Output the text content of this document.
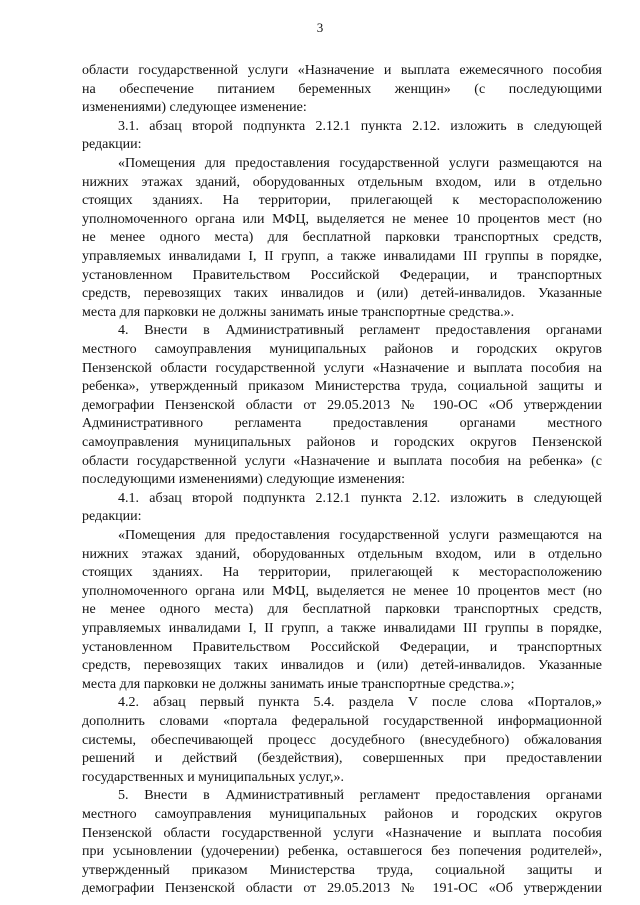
3
области государственной услуги «Назначение и выплата ежемесячного пособия
на обеспечение питанием беременных женщин» (с последующими
изменениями) следующее изменение:
3.1. абзац второй подпункта 2.12.1 пункта 2.12. изложить в следующей
редакции:
«Помещения для предоставления государственной услуги размещаются на
нижних этажах зданий, оборудованных отдельным входом, или в отдельно
стоящих зданиях. На территории, прилегающей к месторасположению
уполномоченного органа или МФЦ, выделяется не менее 10 процентов мест (но
не менее одного места) для бесплатной парковки транспортных средств,
управляемых инвалидами I, II групп, а также инвалидами III группы в порядке,
установленном Правительством Российской Федерации, и транспортных
средств, перевозящих таких инвалидов и (или) детей-инвалидов. Указанные
места для парковки не должны занимать иные транспортные средства.».
4. Внести в Административный регламент предоставления органами
местного самоуправления муниципальных районов и городских округов
Пензенской области государственной услуги «Назначение и выплата пособия на
ребенка», утвержденный приказом Министерства труда, социальной защиты и
демографии Пензенской области от 29.05.2013 № 190-ОС «Об утверждении
Административного регламента предоставления органами местного
самоуправления муниципальных районов и городских округов Пензенской
области государственной услуги «Назначение и выплата пособия на ребенка» (с
последующими изменениями) следующие изменения:
4.1. абзац второй подпункта 2.12.1 пункта 2.12. изложить в следующей
редакции:
«Помещения для предоставления государственной услуги размещаются на
нижних этажах зданий, оборудованных отдельным входом, или в отдельно
стоящих зданиях. На территории, прилегающей к месторасположению
уполномоченного органа или МФЦ, выделяется не менее 10 процентов мест (но
не менее одного места) для бесплатной парковки транспортных средств,
управляемых инвалидами I, II групп, а также инвалидами III группы в порядке,
установленном Правительством Российской Федерации, и транспортных
средств, перевозящих таких инвалидов и (или) детей-инвалидов. Указанные
места для парковки не должны занимать иные транспортные средства.»;
4.2. абзац первый пункта 5.4. раздела V после слова «Порталов,»
дополнить словами «портала федеральной государственной информационной
системы, обеспечивающей процесс досудебного (внесудебного) обжалования
решений и действий (бездействия), совершенных при предоставлении
государственных и муниципальных услуг,».
5. Внести в Административный регламент предоставления органами
местного самоуправления муниципальных районов и городских округов
Пензенской области государственной услуги «Назначение и выплата пособия
при усыновлении (удочерении) ребенка, оставшегося без попечения родителей»,
утвержденный приказом Министерства труда, социальной защиты и
демографии Пензенской области от 29.05.2013 № 191-ОС «Об утверждении
